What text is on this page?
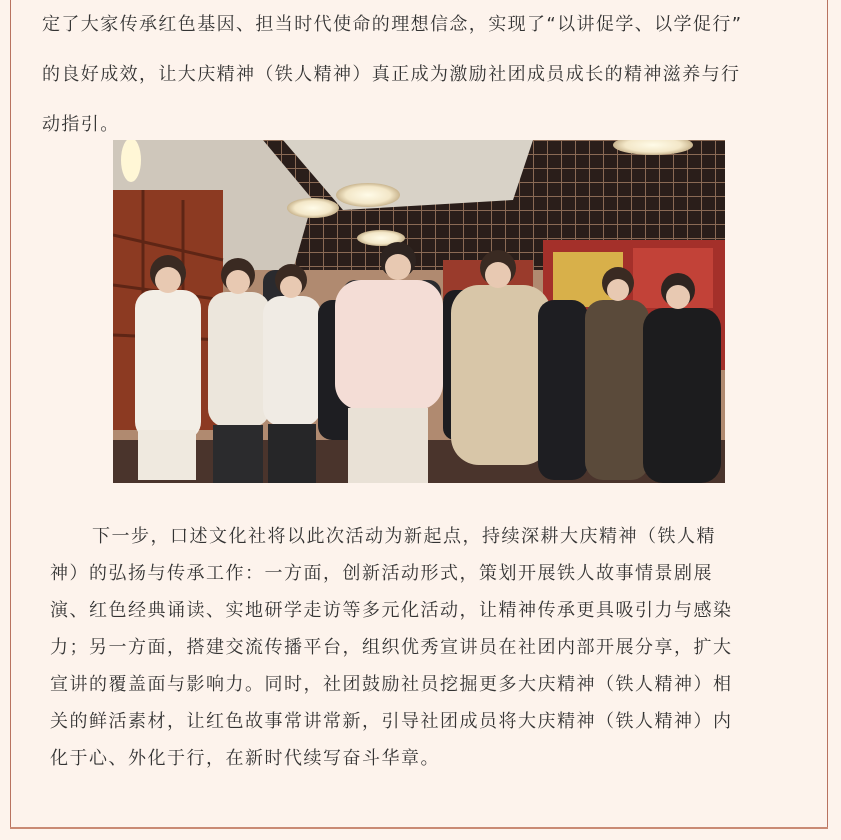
定了大家传承红色基因、担当时代使命的理想信念，实现了“以讲促学、以学促行”
的良好成效，让大庆精神（铁人精神）真正成为激励社团成员成长的精神滋养与行
动指引。

下一步，口述文化社将以此次活动为新起点，持续深耕大庆精神（铁人精
神）的弘扬与传承工作：一方面，创新活动形式，策划开展铁人故事情景剧展
演、红色经典诵读、实地研学走访等多元化活动，让精神传承更具吸引力与感染
力；另一方面，搭建交流传播平台，组织优秀宣讲员在社团内部开展分享，扩大
宣讲的覆盖面与影响力。同时，社团鼓励社员挖掘更多大庆精神（铁人精神）相
关的鲜活素材，让红色故事常讲常新，引导社团成员将大庆精神（铁人精神）内
化于心、外化于行，在新时代续写奋斗华章。
